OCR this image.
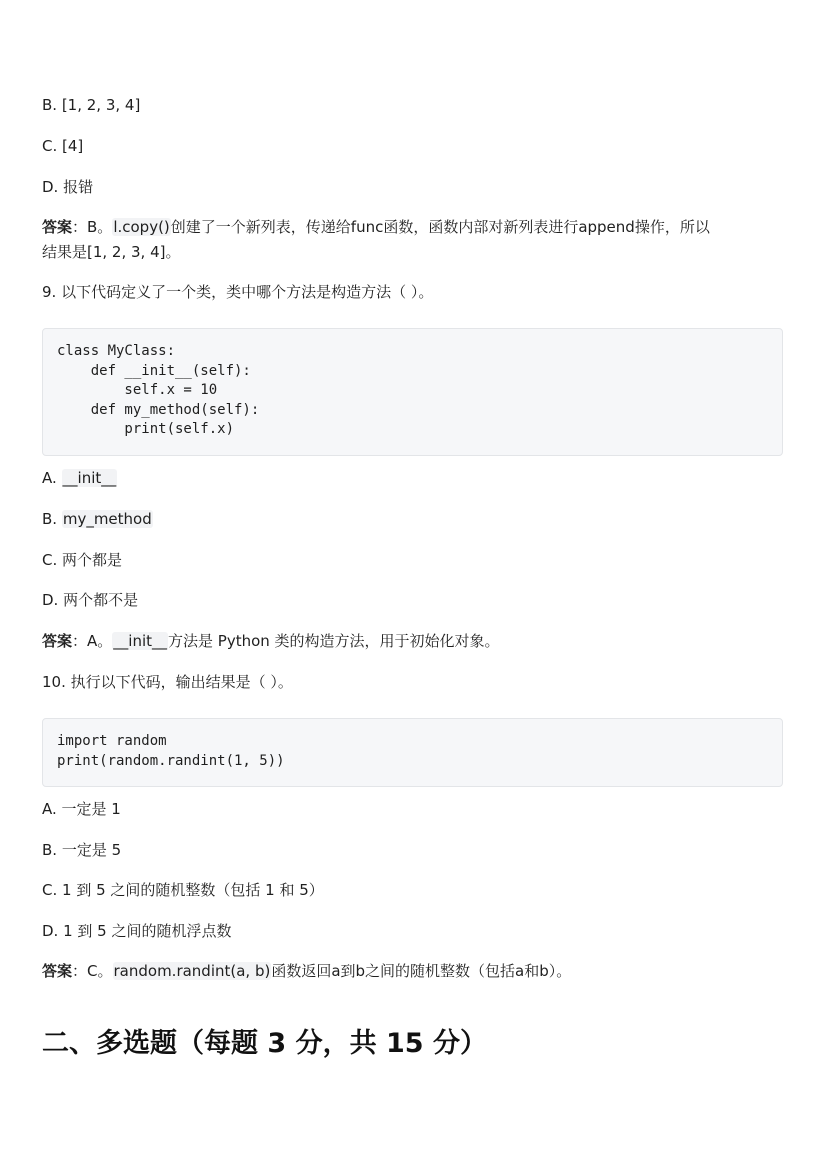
B. [1, 2, 3, 4]
C. [4]
D. 报错
答案：B。l.copy()创建了一个新列表，传递给func函数，函数内部对新列表进行append操作，所以
结果是[1, 2, 3, 4]。
9. 以下代码定义了一个类，类中哪个方法是构造方法（ ）。
class MyClass:
def __init__(self):
self.x = 10
def my_method(self):
print(self.x)
A. __init__
B. my_method
C. 两个都是
D. 两个都不是
答案：A。__init__方法是 Python 类的构造方法，用于初始化对象。
10. 执行以下代码，输出结果是（ ）。
import random
print(random.randint(1, 5))
A. 一定是 1
B. 一定是 5
C. 1 到 5 之间的随机整数（包括 1 和 5）
D. 1 到 5 之间的随机浮点数
答案：C。random.randint(a, b)函数返回a到b之间的随机整数（包括a和b）。
二、多选题（每题 3 分，共 15 分）
